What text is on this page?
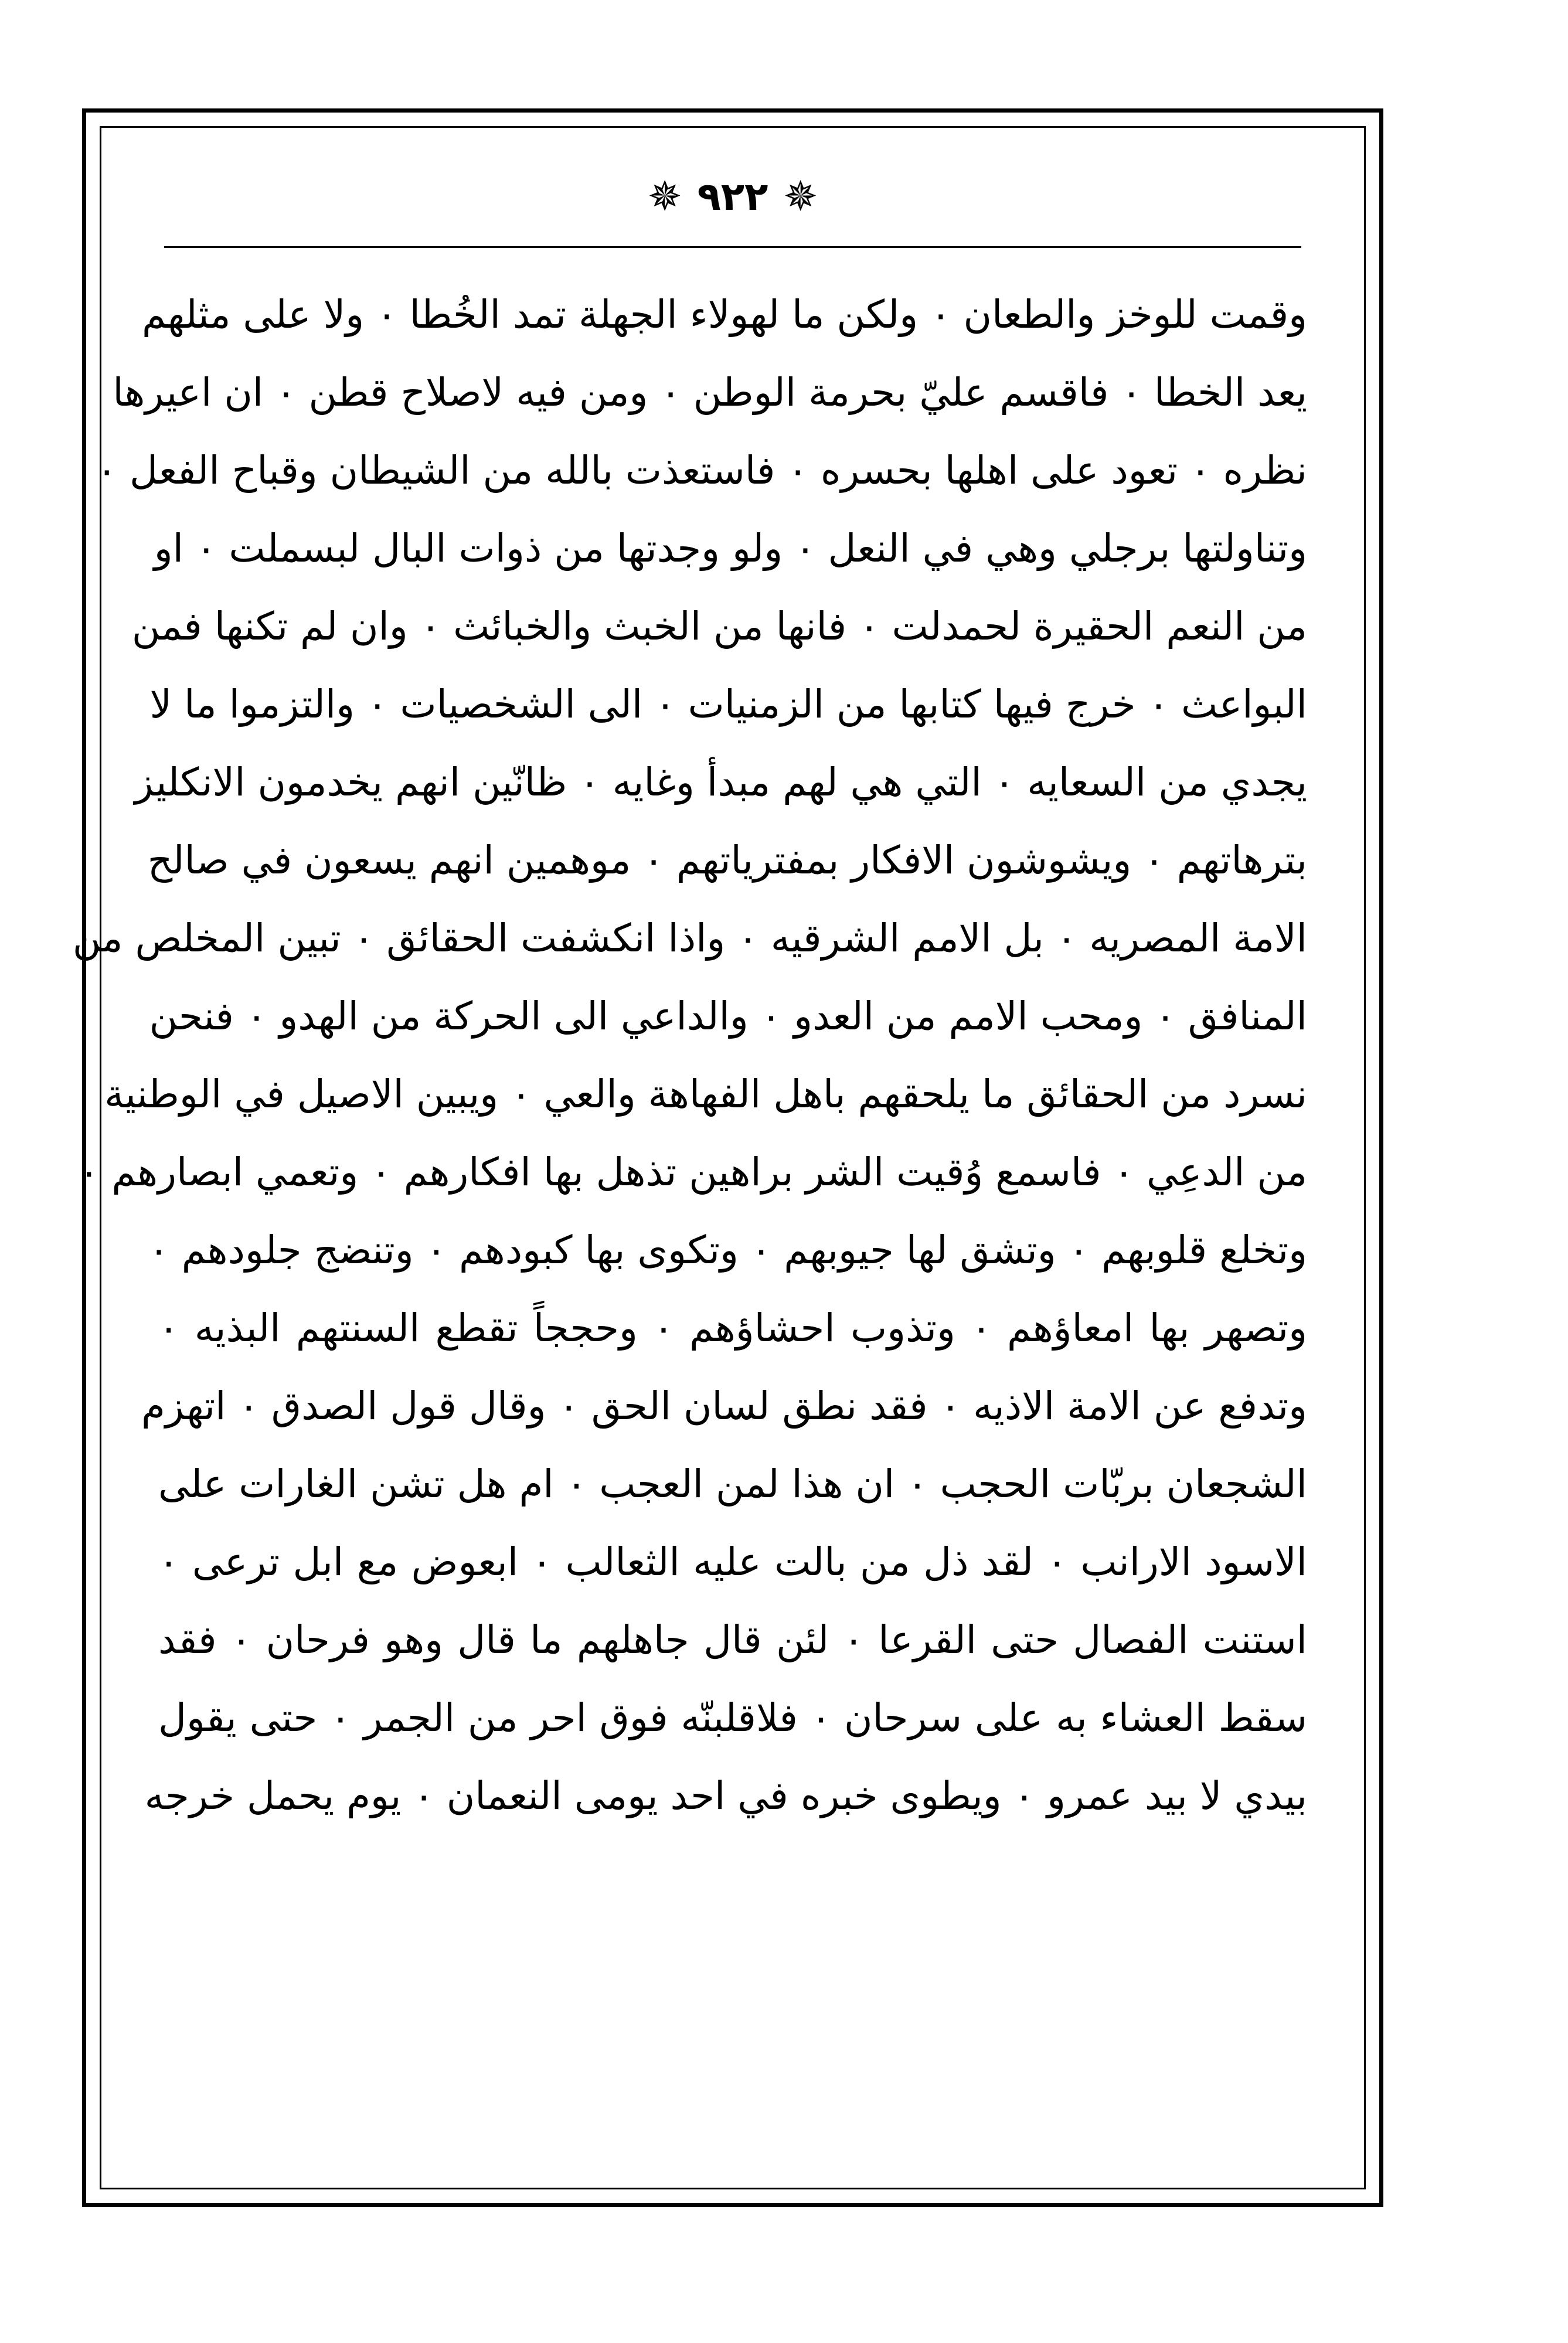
✵ ٩٢٢ ✵
وقمت للوخز والطعان ٠ ولكن ما لهولاء الجهلة تمد الخُطا ٠ ولا على مثلهم
يعد الخطا ٠ فاقسم عليّ بحرمة الوطن ٠ ومن فيه لاصلاح قطن ٠ ان اعيرها
نظره ٠ تعود على اهلها بحسره ٠ فاستعذت بالله من الشيطان وقباح الفعل ٠
وتناولتها برجلي وهي في النعل ٠ ولو وجدتها من ذوات البال لبسملت ٠ او
من النعم الحقيرة لحمدلت ٠ فانها من الخبث والخبائث ٠ وان لم تكنها فمن
البواعث ٠ خرج فيها كتابها من الزمنيات ٠ الى الشخصيات ٠ والتزموا ما لا
يجدي من السعايه ٠ التي هي لهم مبدأ وغايه ٠ ظانّين انهم يخدمون الانكليز
بترهاتهم ٠ ويشوشون الافكار بمفترياتهم ٠ موهمين انهم يسعون في صالح
الامة المصريه ٠ بل الامم الشرقيه ٠ واذا انكشفت الحقائق ٠ تبين المخلص من
المنافق ٠ ومحب الامم من العدو ٠ والداعي الى الحركة من الهدو ٠ فنحن
نسرد من الحقائق ما يلحقهم باهل الفهاهة والعي ٠ ويبين الاصيل في الوطنية
من الدعِي ٠ فاسمع وُقيت الشر براهين تذهل بها افكارهم ٠ وتعمي ابصارهم ٠
وتخلع قلوبهم ٠ وتشق لها جيوبهم ٠ وتكوى بها كبودهم ٠ وتنضج جلودهم ٠
وتصهر بها امعاؤهم ٠ وتذوب احشاؤهم ٠ وحججاً تقطع السنتهم البذيه ٠
وتدفع عن الامة الاذيه ٠ فقد نطق لسان الحق ٠ وقال قول الصدق ٠ اتهزم
الشجعان بربّات الحجب ٠ ان هذا لمن العجب ٠ ام هل تشن الغارات على
الاسود الارانب ٠ لقد ذل من بالت عليه الثعالب ٠ ابعوض مع ابل ترعى ٠
استنت الفصال حتى القرعا ٠ لئن قال جاهلهم ما قال وهو فرحان ٠ فقد
سقط العشاء به على سرحان ٠ فلاقلبنّه فوق احر من الجمر ٠ حتى يقول
بيدي لا بيد عمرو ٠ ويطوى خبره في احد يومى النعمان ٠ يوم يحمل خرجه
